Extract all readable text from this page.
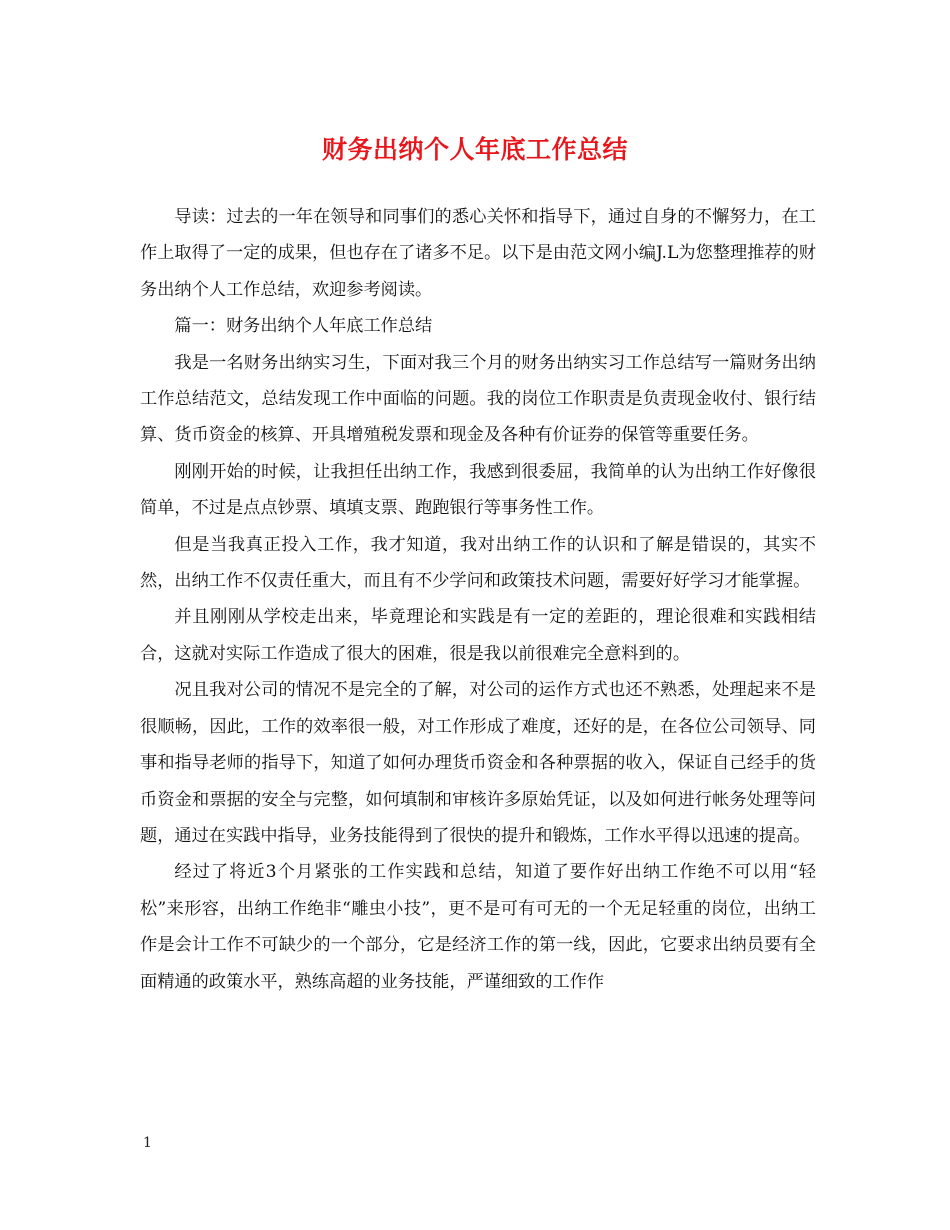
财务出纳个人年底工作总结

导读：过去的一年在领导和同事们的悉心关怀和指导下，通过自身的不懈努力，在工作上取得了一定的成果，但也存在了诸多不足。以下是由范文网小编J.L为您整理推荐的财务出纳个人工作总结，欢迎参考阅读。

篇一：财务出纳个人年底工作总结

我是一名财务出纳实习生，下面对我三个月的财务出纳实习工作总结写一篇财务出纳工作总结范文，总结发现工作中面临的问题。我的岗位工作职责是负责现金收付、银行结算、货币资金的核算、开具增殖税发票和现金及各种有价证券的保管等重要任务。

刚刚开始的时候，让我担任出纳工作，我感到很委屈，我简单的认为出纳工作好像很简单，不过是点点钞票、填填支票、跑跑银行等事务性工作。

但是当我真正投入工作，我才知道，我对出纳工作的认识和了解是错误的，其实不然，出纳工作不仅责任重大，而且有不少学问和政策技术问题，需要好好学习才能掌握。

并且刚刚从学校走出来，毕竟理论和实践是有一定的差距的，理论很难和实践相结合，这就对实际工作造成了很大的困难，很是我以前很难完全意料到的。

况且我对公司的情况不是完全的了解，对公司的运作方式也还不熟悉，处理起来不是很顺畅，因此，工作的效率很一般，对工作形成了难度，还好的是，在各位公司领导、同事和指导老师的指导下，知道了如何办理货币资金和各种票据的收入，保证自己经手的货币资金和票据的安全与完整，如何填制和审核许多原始凭证，以及如何进行帐务处理等问题，通过在实践中指导，业务技能得到了很快的提升和锻炼，工作水平得以迅速的提高。

经过了将近3个月紧张的工作实践和总结，知道了要作好出纳工作绝不可以用“轻松”来形容，出纳工作绝非“雕虫小技”，更不是可有可无的一个无足轻重的岗位，出纳工作是会计工作不可缺少的一个部分，它是经济工作的第一线，因此，它要求出纳员要有全面精通的政策水平，熟练高超的业务技能，严谨细致的工作作

1
